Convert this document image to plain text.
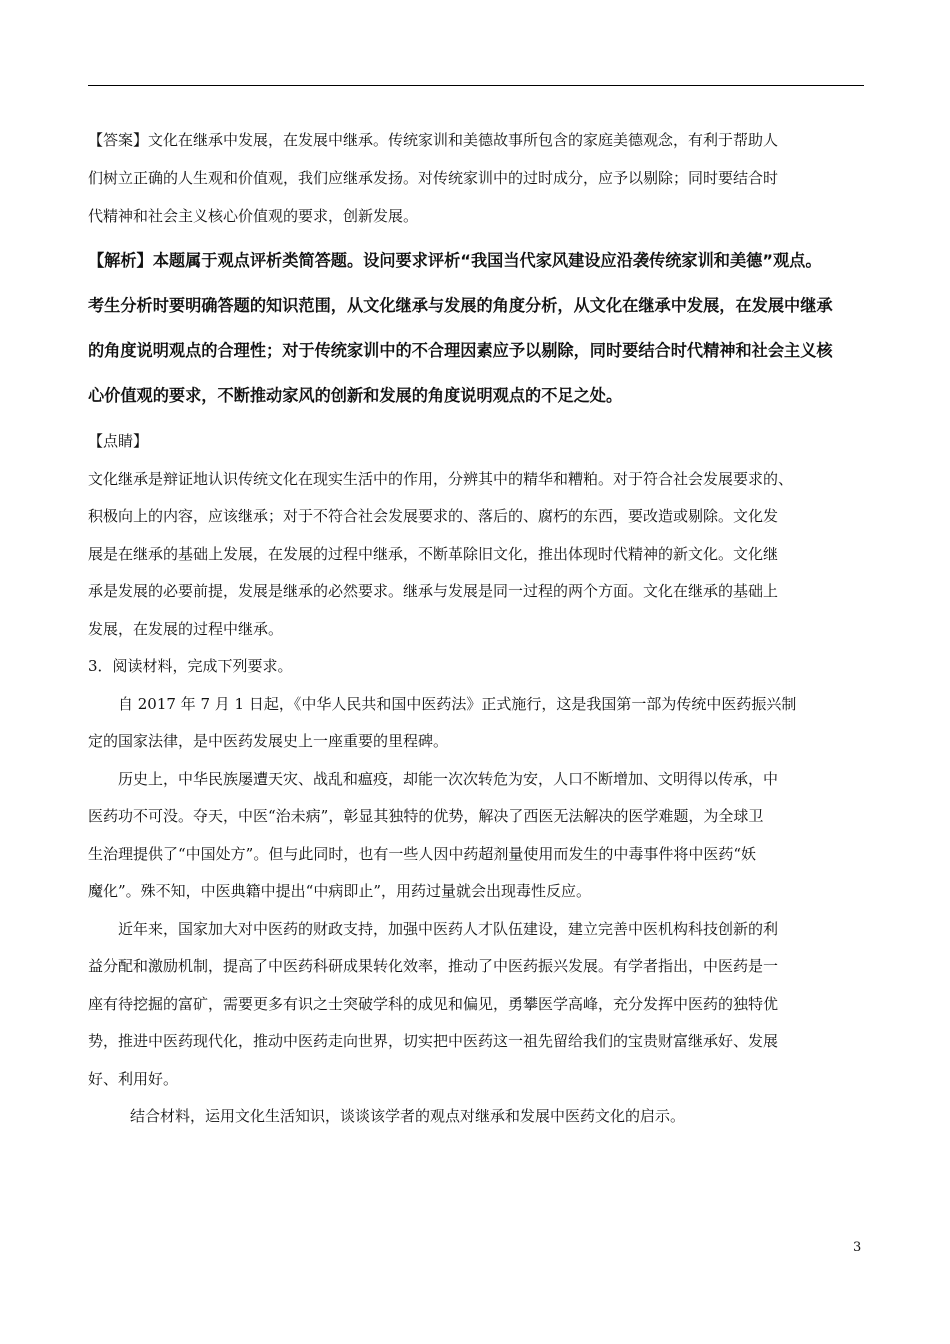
【答案】文化在继承中发展，在发展中继承。传统家训和美德故事所包含的家庭美德观念，有利于帮助人
们树立正确的人生观和价值观，我们应继承发扬。对传统家训中的过时成分，应予以剔除；同时要结合时
代精神和社会主义核心价值观的要求，创新发展。
【解析】本题属于观点评析类简答题。设问要求评析“我国当代家风建设应沿袭传统家训和美德”观点。
考生分析时要明确答题的知识范围，从文化继承与发展的角度分析，从文化在继承中发展，在发展中继承
的角度说明观点的合理性；对于传统家训中的不合理因素应予以剔除，同时要结合时代精神和社会主义核
心价值观的要求，不断推动家风的创新和发展的角度说明观点的不足之处。
【点睛】
文化继承是辩证地认识传统文化在现实生活中的作用，分辨其中的精华和糟粕。对于符合社会发展要求的、
积极向上的内容，应该继承；对于不符合社会发展要求的、落后的、腐朽的东西，要改造或剔除。文化发
展是在继承的基础上发展，在发展的过程中继承，不断革除旧文化，推出体现时代精神的新文化。文化继
承是发展的必要前提，发展是继承的必然要求。继承与发展是同一过程的两个方面。文化在继承的基础上
发展，在发展的过程中继承。
3．阅读材料，完成下列要求。
自 2017 年 7 月 1 日起，《中华人民共和国中医药法》正式施行，这是我国第一部为传统中医药振兴制
定的国家法律，是中医药发展史上一座重要的里程碑。
历史上，中华民族屡遭天灾、战乱和瘟疫，却能一次次转危为安，人口不断增加、文明得以传承，中
医药功不可没。夺天，中医“治未病”，彰显其独特的优势，解决了西医无法解决的医学难题，为全球卫
生治理提供了“中国处方”。但与此同时，也有一些人因中药超剂量使用而发生的中毒事件将中医药“妖
魔化”。殊不知，中医典籍中提出“中病即止”，用药过量就会出现毒性反应。
近年来，国家加大对中医药的财政支持，加强中医药人才队伍建设，建立完善中医机构科技创新的利
益分配和激励机制，提高了中医药科研成果转化效率，推动了中医药振兴发展。有学者指出，中医药是一
座有待挖掘的富矿，需要更多有识之士突破学科的成见和偏见，勇攀医学高峰，充分发挥中医药的独特优
势，推进中医药现代化，推动中医药走向世界，切实把中医药这一祖先留给我们的宝贵财富继承好、发展
好、利用好。
结合材料，运用文化生活知识，谈谈该学者的观点对继承和发展中医药文化的启示。
3
